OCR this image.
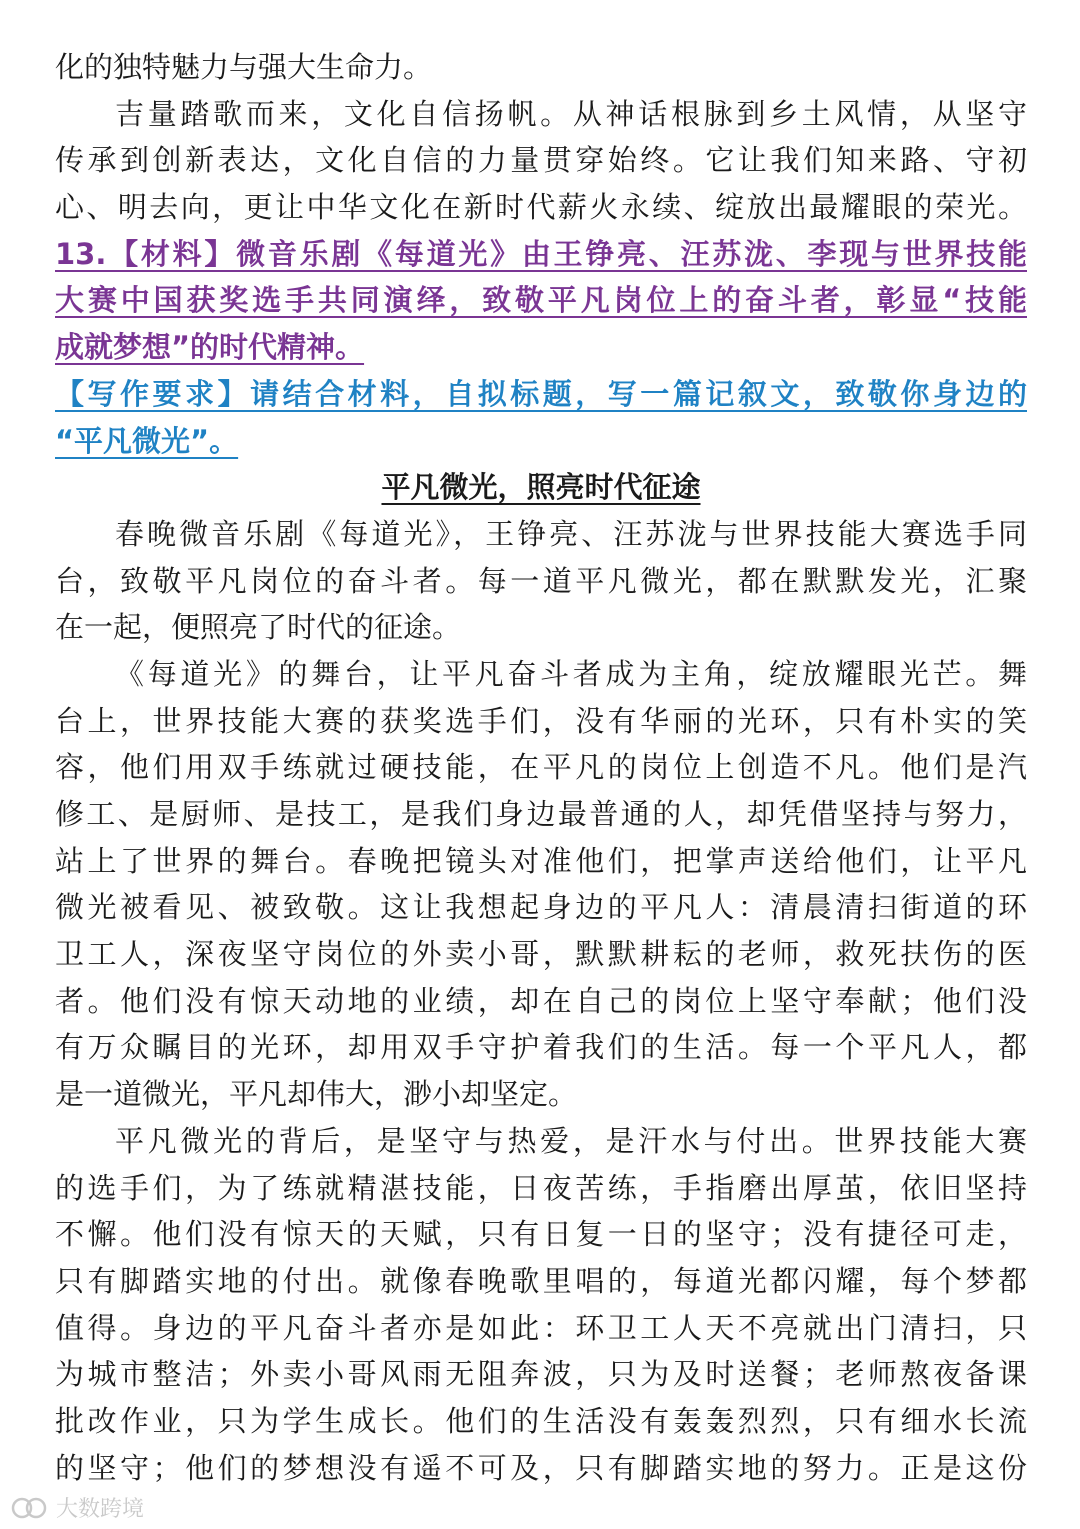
化的独特魅力与强大生命力。
吉量踏歌而来，文化自信扬帆。从神话根脉到乡土风情，从坚守
传承到创新表达，文化自信的力量贯穿始终。它让我们知来路、守初
心、明去向，更让中华文化在新时代薪火永续、绽放出最耀眼的荣光。
13.【材料】微音乐剧《每道光》由王铮亮、汪苏泷、李现与世界技能
大赛中国获奖选手共同演绎，致敬平凡岗位上的奋斗者，彰显“技能
成就梦想”的时代精神。
【写作要求】请结合材料，自拟标题，写一篇记叙文，致敬你身边的
“平凡微光”。
平凡微光，照亮时代征途
春晚微音乐剧《每道光》，王铮亮、汪苏泷与世界技能大赛选手同
台，致敬平凡岗位的奋斗者。每一道平凡微光，都在默默发光，汇聚
在一起，便照亮了时代的征途。
《每道光》的舞台，让平凡奋斗者成为主角，绽放耀眼光芒。舞
台上，世界技能大赛的获奖选手们，没有华丽的光环，只有朴实的笑
容，他们用双手练就过硬技能，在平凡的岗位上创造不凡。他们是汽
修工、是厨师、是技工，是我们身边最普通的人，却凭借坚持与努力，
站上了世界的舞台。春晚把镜头对准他们，把掌声送给他们，让平凡
微光被看见、被致敬。这让我想起身边的平凡人：清晨清扫街道的环
卫工人，深夜坚守岗位的外卖小哥，默默耕耘的老师，救死扶伤的医
者。他们没有惊天动地的业绩，却在自己的岗位上坚守奉献；他们没
有万众瞩目的光环，却用双手守护着我们的生活。每一个平凡人，都
是一道微光，平凡却伟大，渺小却坚定。
平凡微光的背后，是坚守与热爱，是汗水与付出。世界技能大赛
的选手们，为了练就精湛技能，日夜苦练，手指磨出厚茧，依旧坚持
不懈。他们没有惊天的天赋，只有日复一日的坚守；没有捷径可走，
只有脚踏实地的付出。就像春晚歌里唱的，每道光都闪耀，每个梦都
值得。身边的平凡奋斗者亦是如此：环卫工人天不亮就出门清扫，只
为城市整洁；外卖小哥风雨无阻奔波，只为及时送餐；老师熬夜备课
批改作业，只为学生成长。他们的生活没有轰轰烈烈，只有细水长流
的坚守；他们的梦想没有遥不可及，只有脚踏实地的努力。正是这份
大数跨境
